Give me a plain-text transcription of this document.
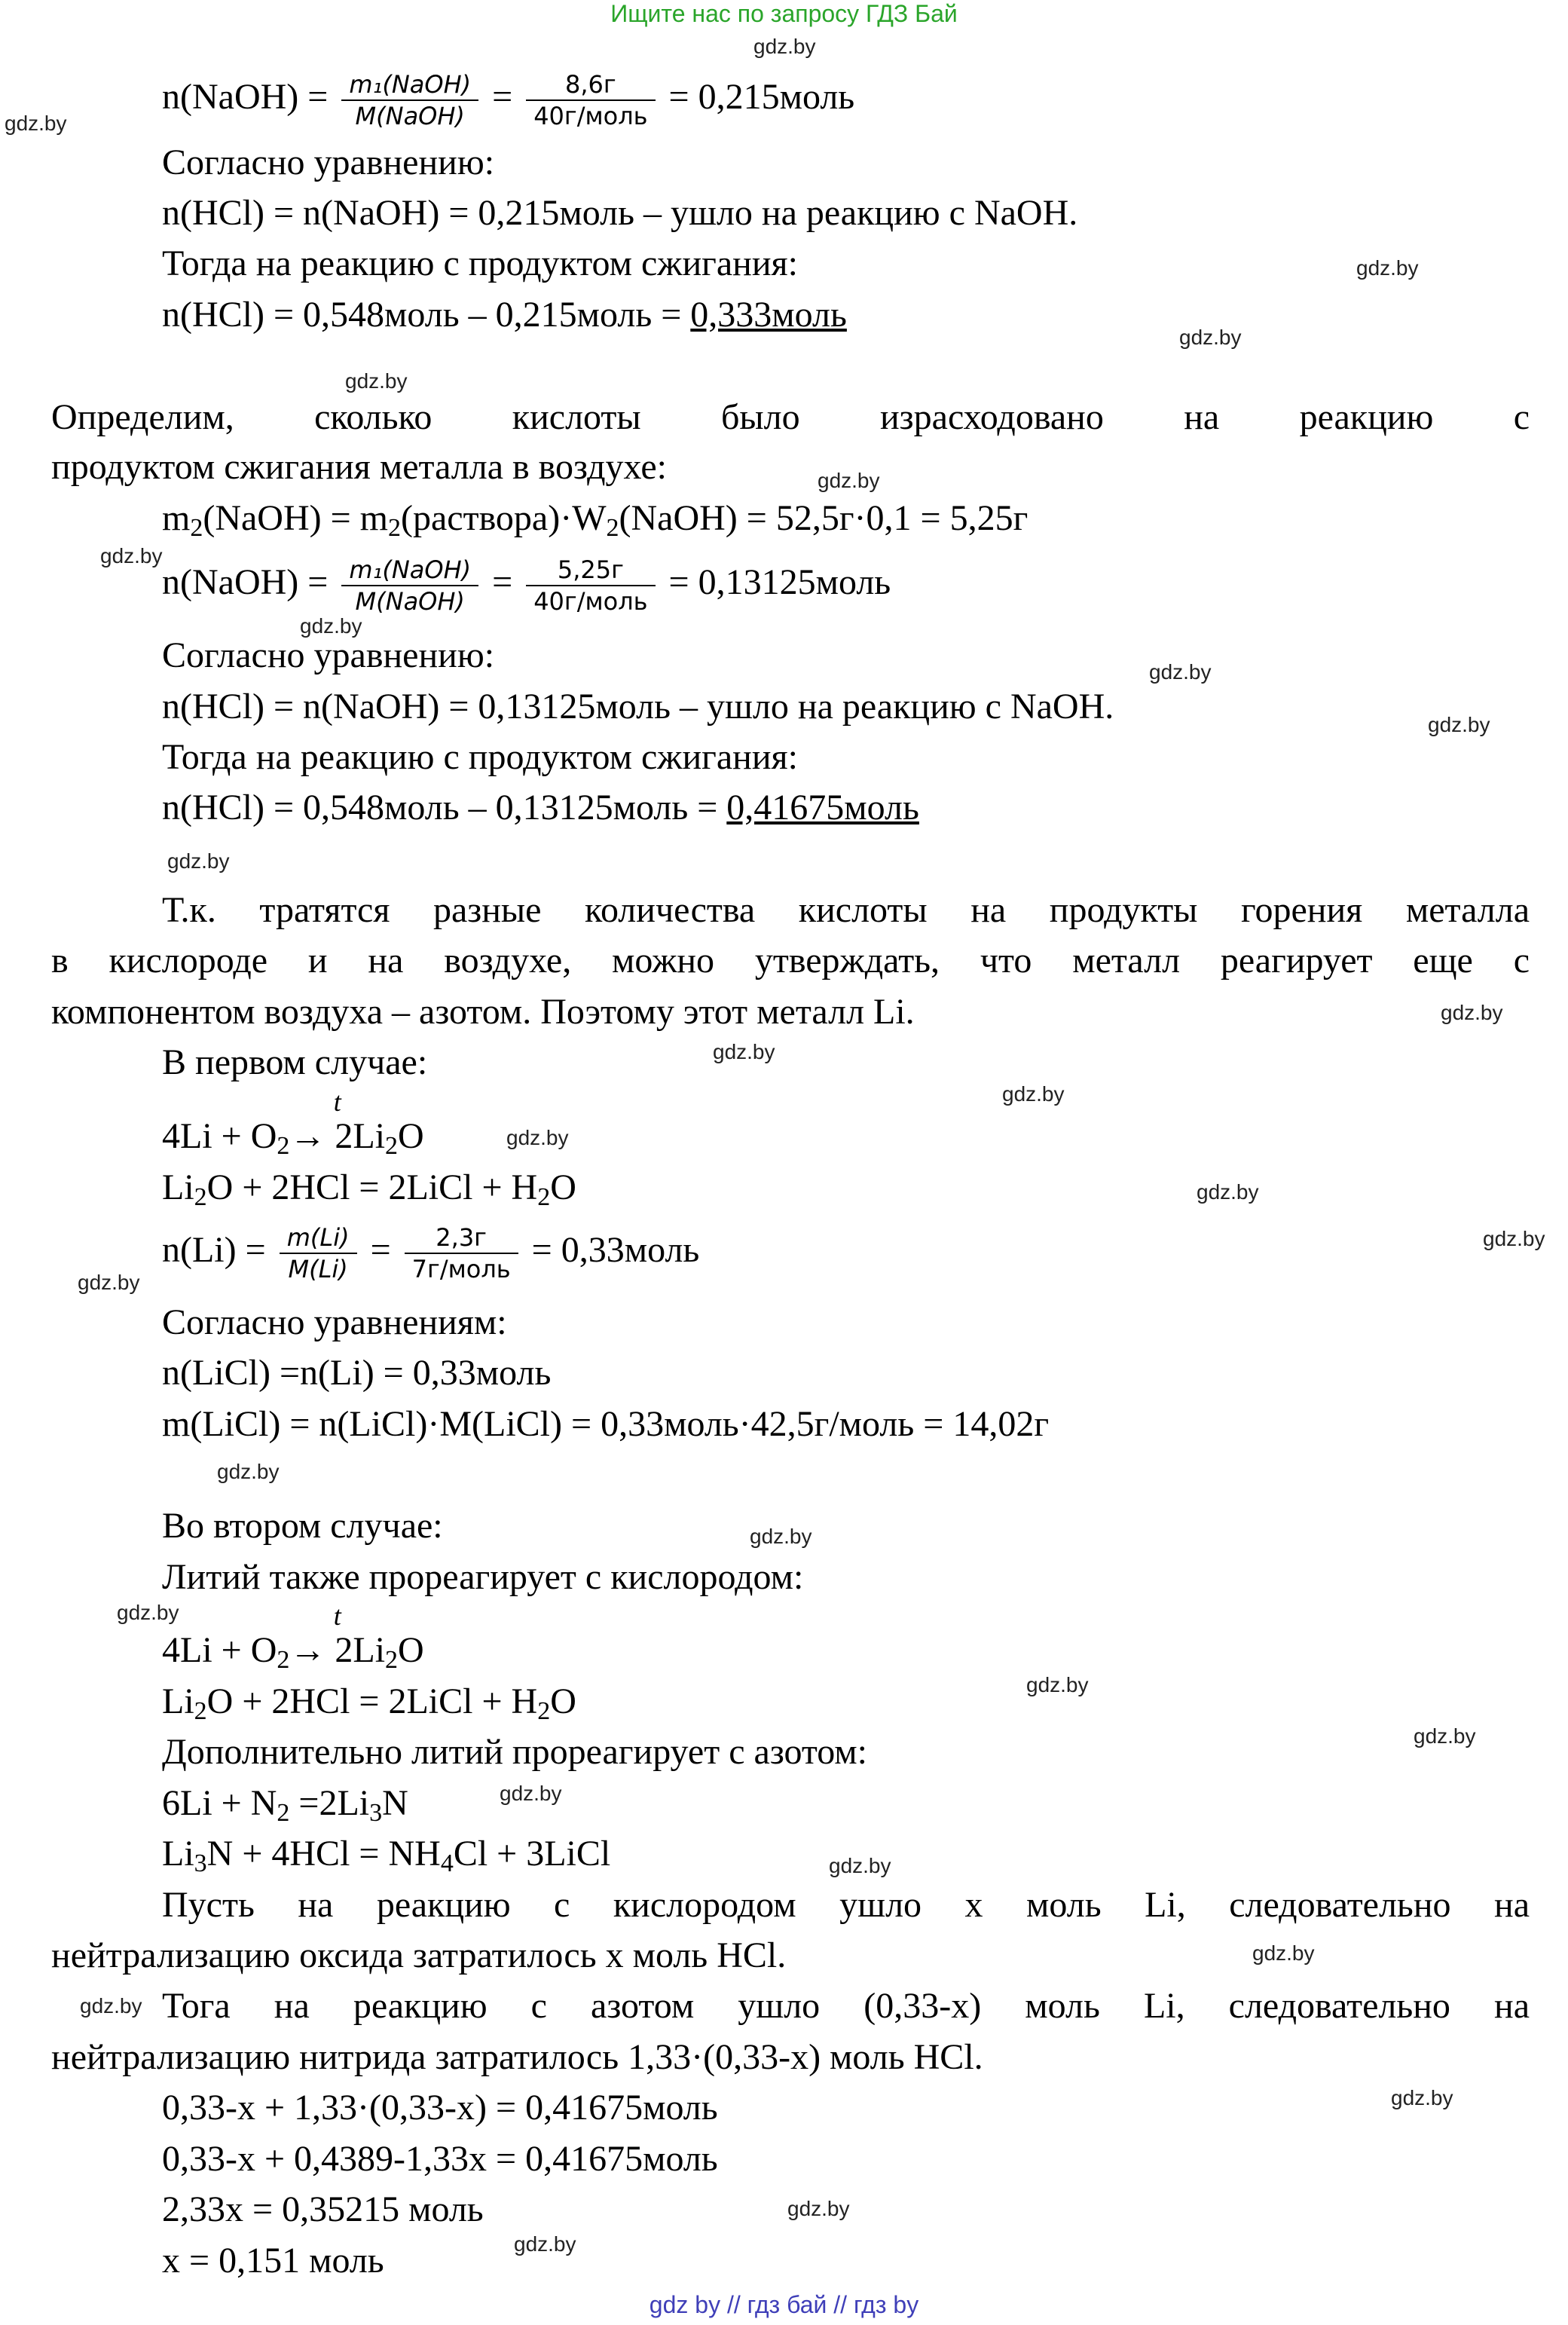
Ищите нас по запросу ГДЗ Бай
n(NaOH) = $\frac{\text{m₁(NaOH)}}{\text{M(NaOH)}} = \frac{8,6г}{\text{40г/моль}}$ = 0,215моль
Согласно уравнению:
n(HCl) = n(NaOH) = 0,215моль – ушло на реакцию с NaOH.
Тогда на реакцию с продуктом сжигания:
n(HCl) = 0,548моль – 0,215моль = 0,333моль
Определим, сколько кислоты было израсходовано на реакцию с
продуктом сжигания металла в воздухе:
$m_2(NaOH)$ = $m_2(раствора)\cdot W_2(NaOH) = 52,5г\cdot 0,1 = 5,25г$
n(NaOH) = $\frac{\text{m₁(NaOH)}}{\text{M(NaOH)}} = \frac{5,25г}{\text{40г/моль}}$ = 0,13125моль
Согласно уравнению:
n(HCl) = n(NaOH) = 0,13125моль – ушло на реакцию с NaOH.
Тогда на реакцию с продуктом сжигания:
n(HCl) = 0,548моль – 0,13125моль = 0,41675моль
Т.к. тратятся разные количества кислоты на продукты горения металла
в кислороде и на воздухе, можно утверждать, что металл реагирует еще с
компонентом воздуха – азотом. Поэтому этот металл Li.
В первом случае:
$4Li + O_2$
t
→ $2Li_2O$
$Li_2O + 2HCl$ = 2LiCl + $H_2O$
$n(Li) = \frac{m(Li)}{M(Li)} = \frac{2,3г}{\text{7г/моль}}$ = 0,33моль
Согласно уравнениям:
n(LiCl) =n(Li) = 0,33моль
m(LiCl) = n(LiCl)·M(LiCl) = 0,33моль·42,5г/моль = 14,02г
Во втором случае:
Литий также прореагирует с кислородом:
$4Li + O_2$
t
→ $2Li_2O$
$Li_2O + 2HCl$ = 2LiCl + $H_2O$
Дополнительно литий прореагирует с азотом:
$6Li + N_2 =2Li_3N$
$Li_3N + 4HCl = NH_4Cl$ + 3LiCl
Пусть на реакцию с кислородом ушло x моль Li, следовательно на
нейтрализацию оксида затратилось x моль HCl.
Тога на реакцию с азотом ушло (0,33-x) моль Li, следовательно на
нейтрализацию нитрида затратилось 1,33·(0,33-x) моль HCl.
0,33-x + 1,33·(0,33-x) = 0,41675моль
0,33-x + 0,4389-1,33x = 0,41675моль
2,33x = 0,35215 моль
x = 0,151 моль
gdz.by
gdz.by
gdz.by
gdz.by
gdz.by
gdz.by
gdz.by
gdz.by
gdz.by
gdz.by
gdz.by
gdz.by
gdz.by
gdz.by
gdz.by
gdz.by
gdz.by
gdz.by
gdz.by
gdz.by
gdz.by
gdz.by
gdz.by
gdz.by
gdz.by
gdz.by
gdz.by
gdz.by
gdz.by
gdz.by
gdz by // гдз бай // гдз by
